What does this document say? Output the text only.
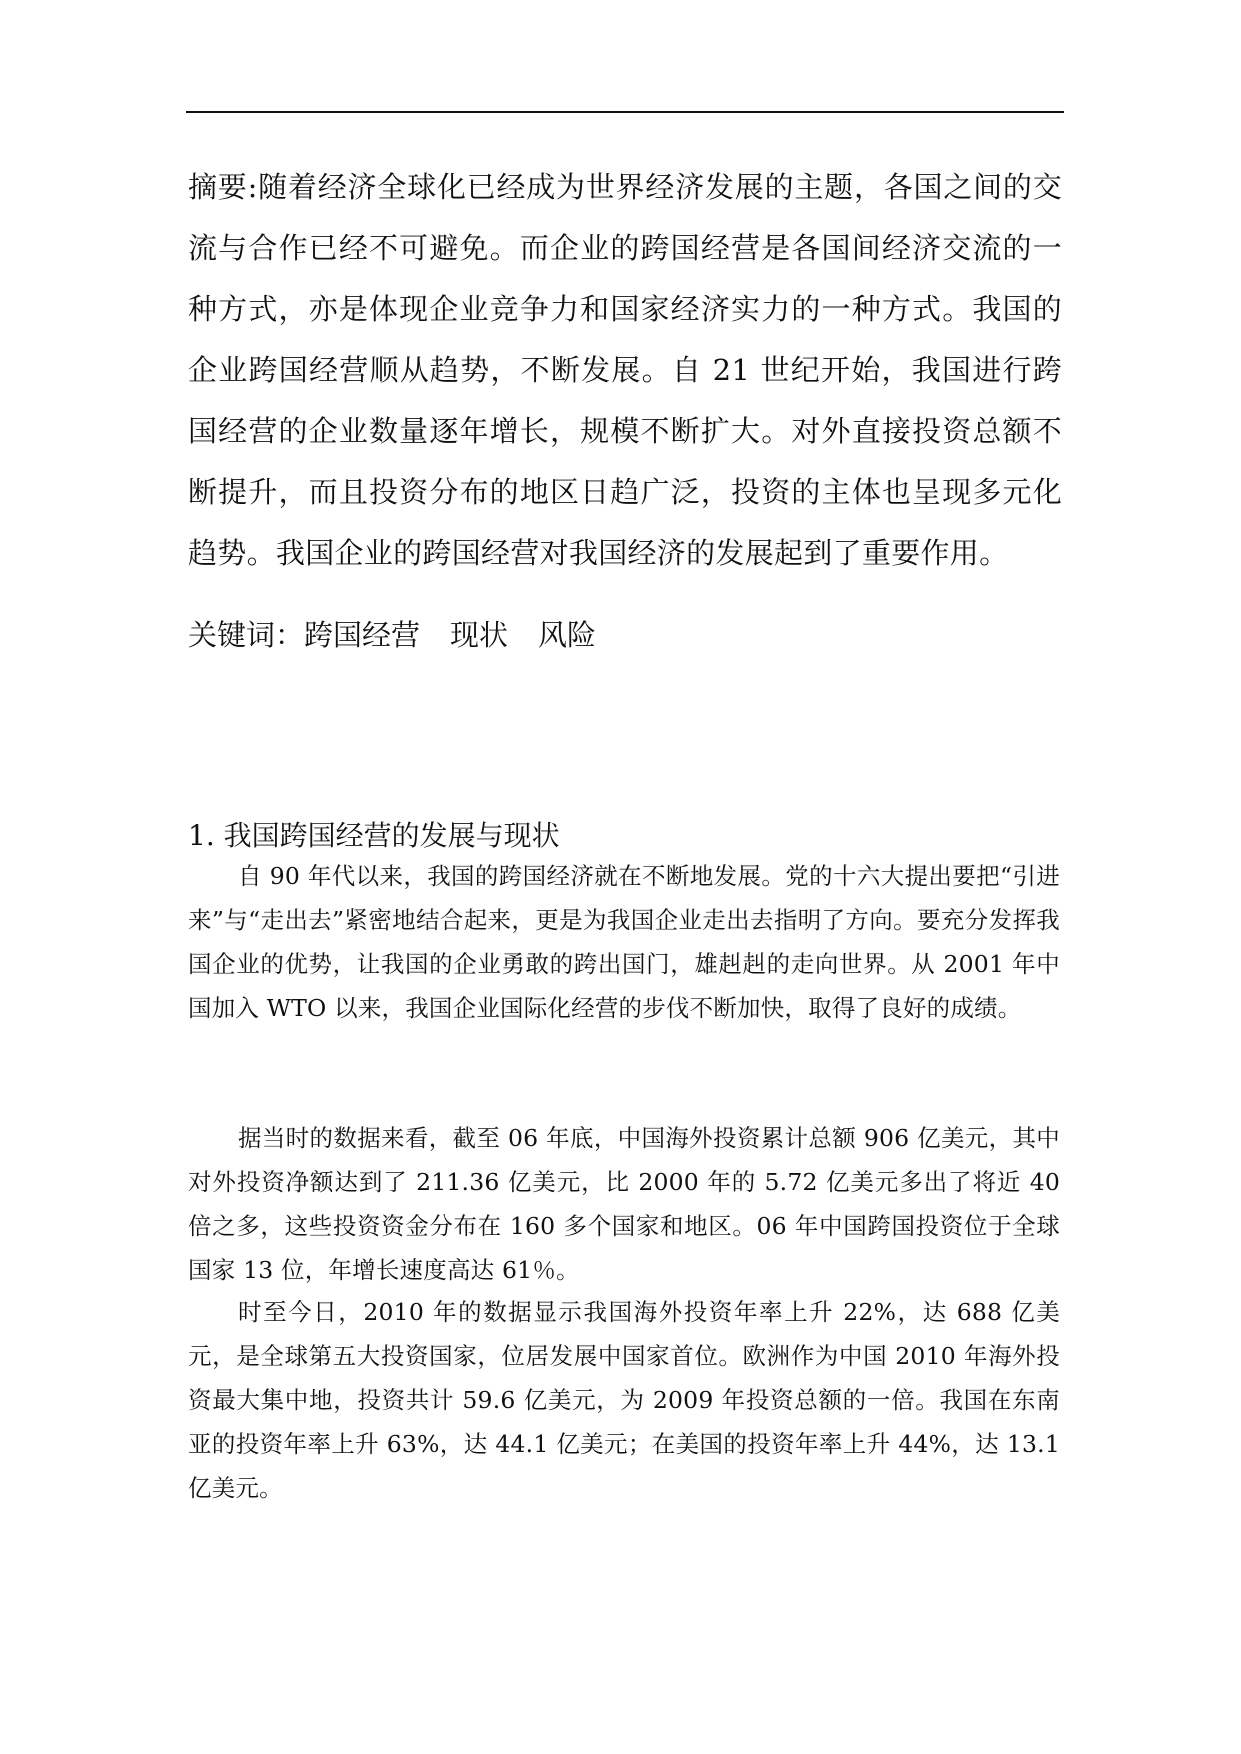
摘要:随着经济全球化已经成为世界经济发展的主题，各国之间的交流与合作已经不可避免。而企业的跨国经营是各国间经济交流的一种方式，亦是体现企业竞争力和国家经济实力的一种方式。我国的企业跨国经营顺从趋势，不断发展。自 21 世纪开始，我国进行跨国经营的企业数量逐年增长，规模不断扩大。对外直接投资总额不断提升，而且投资分布的地区日趋广泛，投资的主体也呈现多元化趋势。我国企业的跨国经营对我国经济的发展起到了重要作用。

关键词：跨国经营 现状 风险
1. 我国跨国经营的发展与现状

自 90 年代以来，我国的跨国经济就在不断地发展。党的十六大提出要把“引进来”与“走出去”紧密地结合起来，更是为我国企业走出去指明了方向。要充分发挥我国企业的优势，让我国的企业勇敢的跨出国门，雄赳赳的走向世界。从 2001 年中国加入 WTO 以来，我国企业国际化经营的步伐不断加快，取得了良好的成绩。

据当时的数据来看，截至 06 年底，中国海外投资累计总额 906 亿美元，其中对外投资净额达到了 211.36 亿美元，比 2000 年的 5.72 亿美元多出了将近 40 倍之多，这些投资资金分布在 160 多个国家和地区。06 年中国跨国投资位于全球国家 13 位，年增长速度高达 61％。

时至今日，2010 年的数据显示我国海外投资年率上升 22%，达 688 亿美元，是全球第五大投资国家，位居发展中国家首位。欧洲作为中国 2010 年海外投资最大集中地，投资共计 59.6 亿美元，为 2009 年投资总额的一倍。我国在东南亚的投资年率上升 63%，达 44.1 亿美元；在美国的投资年率上升 44%，达 13.1 亿美元。
